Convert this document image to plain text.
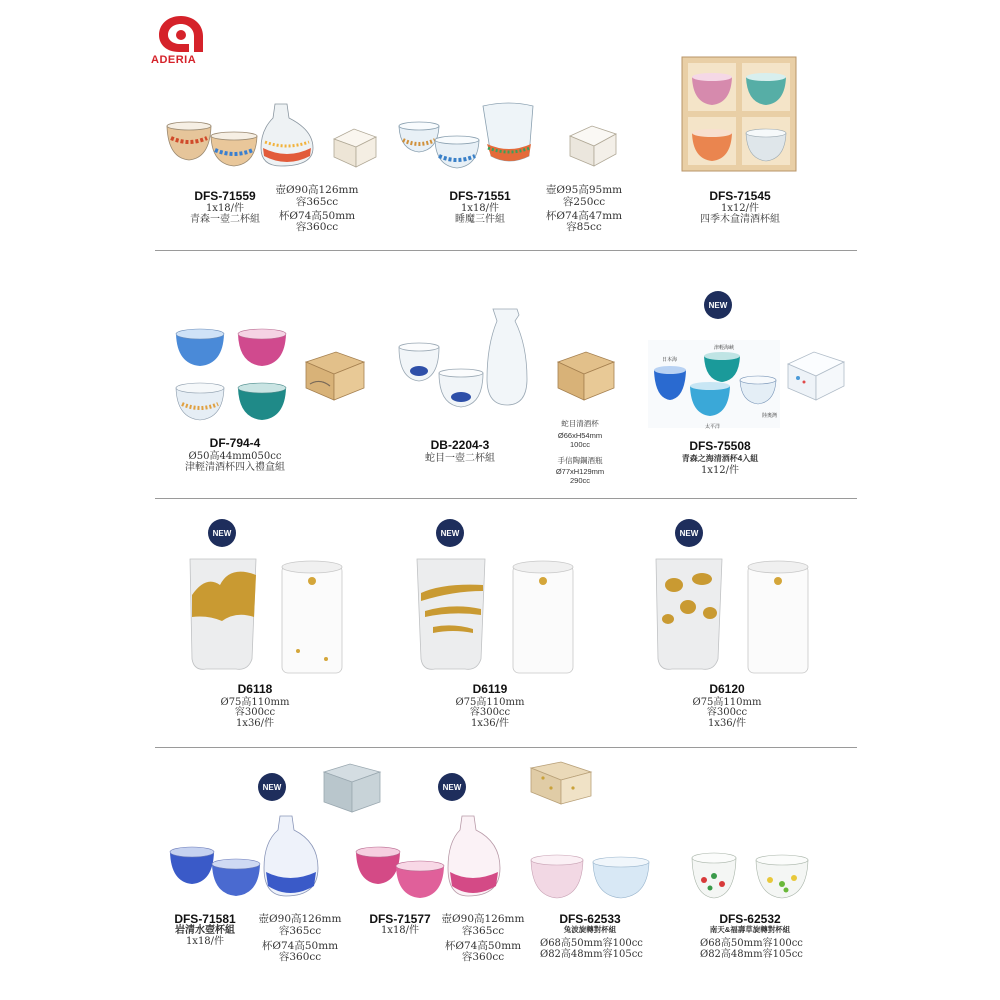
ADERIA
DFS-71559
1x18/件
青森一壺二杯組
壺Ø90高126mm
容365cc
杯Ø74高50mm
容360cc
DFS-71551
1x18/件
睡魔三件組
壺Ø95高95mm
容250cc
杯Ø74高47mm
容85cc
DFS-71545
1x12/件
四季木盒清酒杯組
DF-794-4
Ø50高44mm050cc
津輕清酒杯四入禮盒組
DB-2204-3
蛇目一壺二杯組
蛇目清酒杯
Ø66xH54mm
100cc
手信陶鋼酒瓶
Ø77xH129mm
290cc
NEW
日本海
津輕海峽
陸奧灣
太平洋
DFS-75508
青森之海清酒杯4入組
1x12/件
NEW
D6118
Ø75高110mm
容300cc
1x36/件
NEW
D6119
Ø75高110mm
容300cc
1x36/件
NEW
D6120
Ø75高110mm
容300cc
1x36/件
NEW
DFS-71581
岩清水壺杯組
1x18/件
壺Ø90高126mm
容365cc
杯Ø74高50mm
容360cc
NEW
DFS-71577
1x18/件
壺Ø90高126mm
容365cc
杯Ø74高50mm
容360cc
DFS-62533
兔波旋轉對杯組
Ø68高50mm容100cc
Ø82高48mm容105cc
DFS-62532
南天&福壽草旋轉對杯組
Ø68高50mm容100cc
Ø82高48mm容105cc
